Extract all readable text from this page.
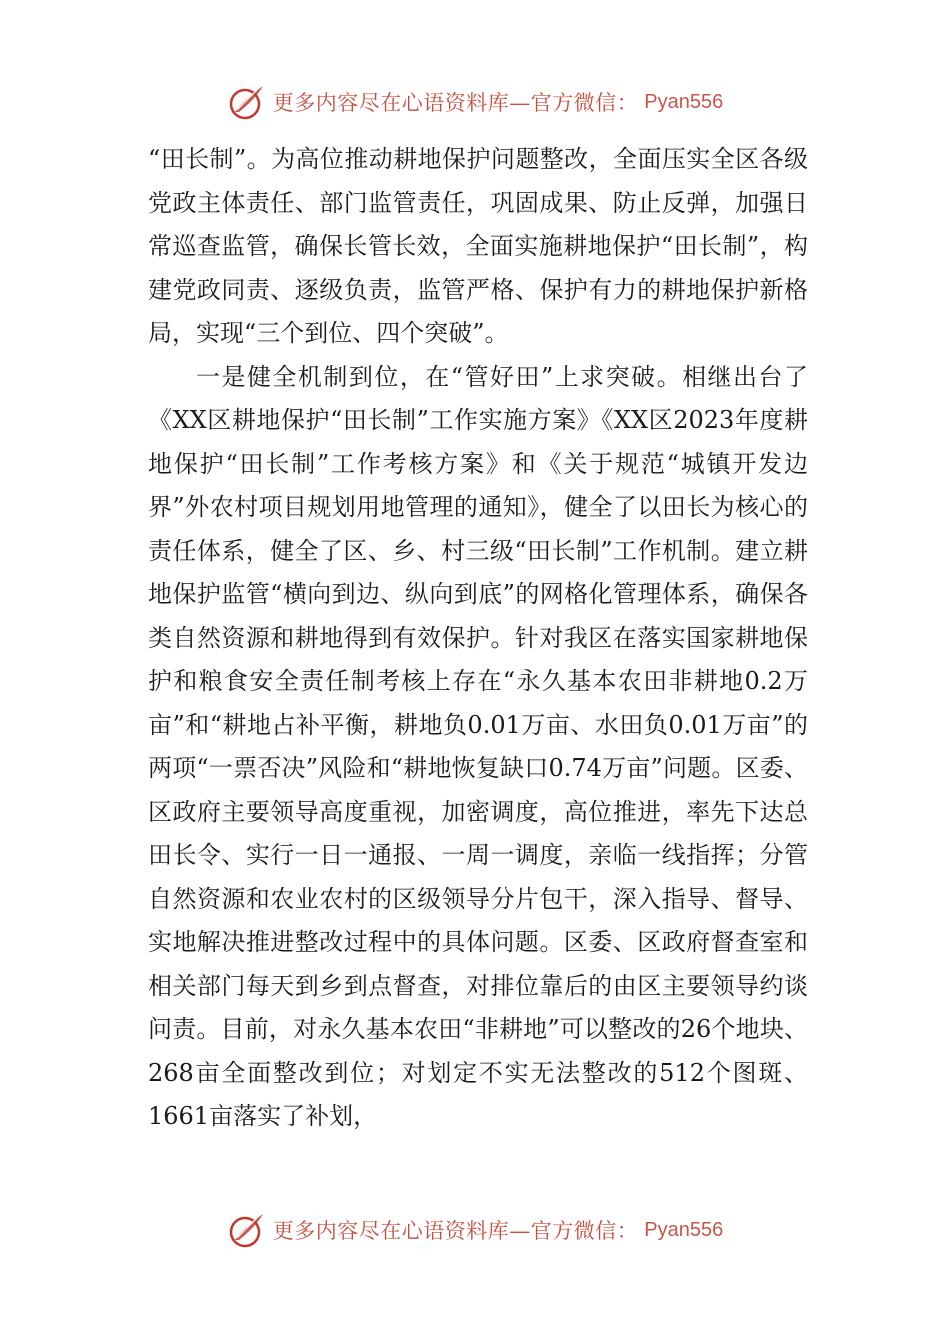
更多内容尽在心语资料库—官方微信： Pyan556

“田长制”。为高位推动耕地保护问题整改，全面压实全区各级党政主体责任、部门监管责任，巩固成果、防止反弹，加强日常巡查监管，确保长管长效，全面实施耕地保护“田长制”，构建党政同责、逐级负责，监管严格、保护有力的耕地保护新格局，实现“三个到位、四个突破”。

一是健全机制到位，在“管好田”上求突破。相继出台了《XX区耕地保护“田长制”工作实施方案》《XX区2023年度耕地保护“田长制”工作考核方案》和《关于规范“城镇开发边界”外农村项目规划用地管理的通知》，健全了以田长为核心的责任体系，健全了区、乡、村三级“田长制”工作机制。建立耕地保护监管“横向到边、纵向到底”的网格化管理体系，确保各类自然资源和耕地得到有效保护。针对我区在落实国家耕地保护和粮食安全责任制考核上存在“永久基本农田非耕地0.2万亩”和“耕地占补平衡，耕地负0.01万亩、水田负0.01万亩”的两项“一票否决”风险和“耕地恢复缺口0.74万亩”问题。区委、区政府主要领导高度重视，加密调度，高位推进，率先下达总田长令、实行一日一通报、一周一调度，亲临一线指挥；分管自然资源和农业农村的区级领导分片包干，深入指导、督导、实地解决推进整改过程中的具体问题。区委、区政府督查室和相关部门每天到乡到点督查，对排位靠后的由区主要领导约谈问责。目前，对永久基本农田“非耕地”可以整改的26个地块、268亩全面整改到位；对划定不实无法整改的512个图斑、1661亩落实了补划，

更多内容尽在心语资料库—官方微信： Pyan556
